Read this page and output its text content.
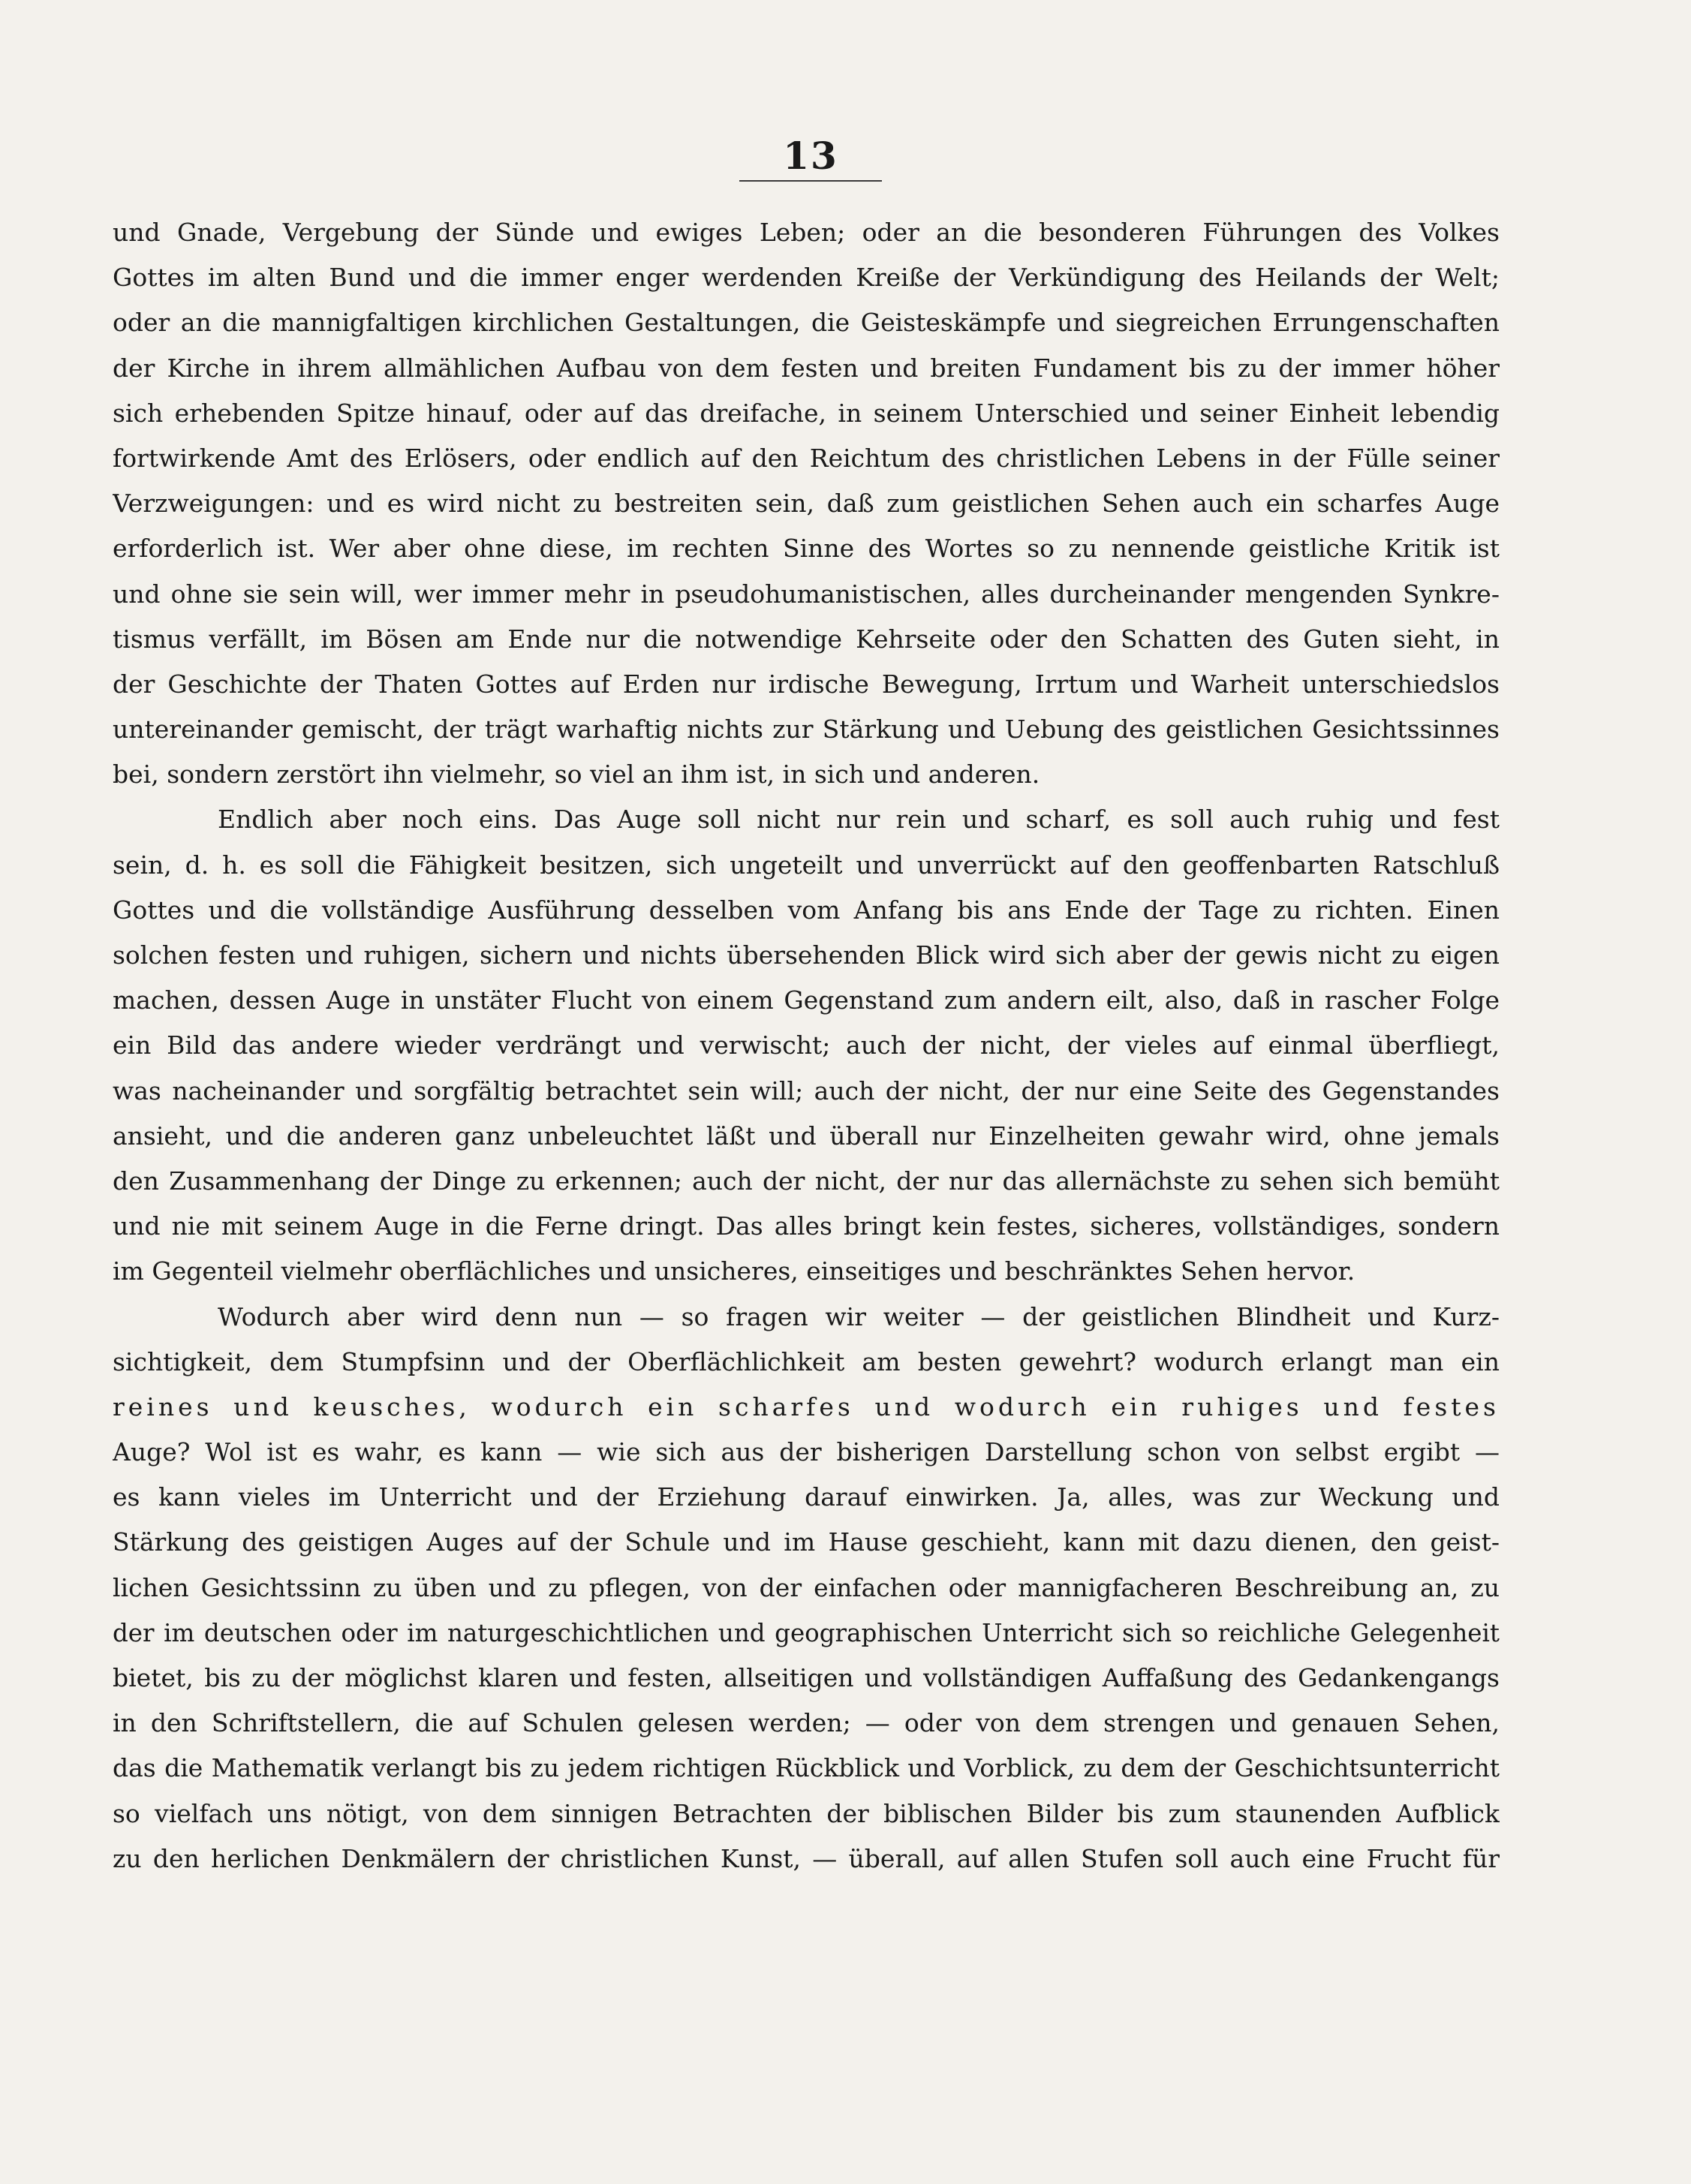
13
und Gnade, Vergebung der Sünde und ewiges Leben; oder an die besonderen Führungen des Volkes
Gottes im alten Bund und die immer enger werdenden Kreiße der Verkündigung des Heilands der Welt;
oder an die mannigfaltigen kirchlichen Gestaltungen, die Geisteskämpfe und siegreichen Errungenschaften
der Kirche in ihrem allmählichen Aufbau von dem festen und breiten Fundament bis zu der immer höher
sich erhebenden Spitze hinauf, oder auf das dreifache, in seinem Unterschied und seiner Einheit lebendig
fortwirkende Amt des Erlösers, oder endlich auf den Reichtum des christlichen Lebens in der Fülle seiner
Verzweigungen: und es wird nicht zu bestreiten sein, daß zum geistlichen Sehen auch ein scharfes Auge
erforderlich ist. Wer aber ohne diese, im rechten Sinne des Wortes so zu nennende geistliche Kritik ist
und ohne sie sein will, wer immer mehr in pseudohumanistischen, alles durcheinander mengenden Synkre-
tismus verfällt, im Bösen am Ende nur die notwendige Kehrseite oder den Schatten des Guten sieht, in
der Geschichte der Thaten Gottes auf Erden nur irdische Bewegung, Irrtum und Warheit unterschiedslos
untereinander gemischt, der trägt warhaftig nichts zur Stärkung und Uebung des geistlichen Gesichtssinnes
bei, sondern zerstört ihn vielmehr, so viel an ihm ist, in sich und anderen.
Endlich aber noch eins. Das Auge soll nicht nur rein und scharf, es soll auch ruhig und fest
sein, d. h. es soll die Fähigkeit besitzen, sich ungeteilt und unverrückt auf den geoffenbarten Ratschluß
Gottes und die vollständige Ausführung desselben vom Anfang bis ans Ende der Tage zu richten. Einen
solchen festen und ruhigen, sichern und nichts übersehenden Blick wird sich aber der gewis nicht zu eigen
machen, dessen Auge in unstäter Flucht von einem Gegenstand zum andern eilt, also, daß in rascher Folge
ein Bild das andere wieder verdrängt und verwischt; auch der nicht, der vieles auf einmal überfliegt,
was nacheinander und sorgfältig betrachtet sein will; auch der nicht, der nur eine Seite des Gegenstandes
ansieht, und die anderen ganz unbeleuchtet läßt und überall nur Einzelheiten gewahr wird, ohne jemals
den Zusammenhang der Dinge zu erkennen; auch der nicht, der nur das allernächste zu sehen sich bemüht
und nie mit seinem Auge in die Ferne dringt. Das alles bringt kein festes, sicheres, vollständiges, sondern
im Gegenteil vielmehr oberflächliches und unsicheres, einseitiges und beschränktes Sehen hervor.
Wodurch aber wird denn nun — so fragen wir weiter — der geistlichen Blindheit und Kurz-
sichtigkeit, dem Stumpfsinn und der Oberflächlichkeit am besten gewehrt? wodurch erlangt man ein
reines und keusches, wodurch ein scharfes und wodurch ein ruhiges und festes
Auge? Wol ist es wahr, es kann — wie sich aus der bisherigen Darstellung schon von selbst ergibt —
es kann vieles im Unterricht und der Erziehung darauf einwirken. Ja, alles, was zur Weckung und
Stärkung des geistigen Auges auf der Schule und im Hause geschieht, kann mit dazu dienen, den geist-
lichen Gesichtssinn zu üben und zu pflegen, von der einfachen oder mannigfacheren Beschreibung an, zu
der im deutschen oder im naturgeschichtlichen und geographischen Unterricht sich so reichliche Gelegenheit
bietet, bis zu der möglichst klaren und festen, allseitigen und vollständigen Auffaßung des Gedankengangs
in den Schriftstellern, die auf Schulen gelesen werden; — oder von dem strengen und genauen Sehen,
das die Mathematik verlangt bis zu jedem richtigen Rückblick und Vorblick, zu dem der Geschichtsunterricht
so vielfach uns nötigt, von dem sinnigen Betrachten der biblischen Bilder bis zum staunenden Aufblick
zu den herlichen Denkmälern der christlichen Kunst, — überall, auf allen Stufen soll auch eine Frucht für
